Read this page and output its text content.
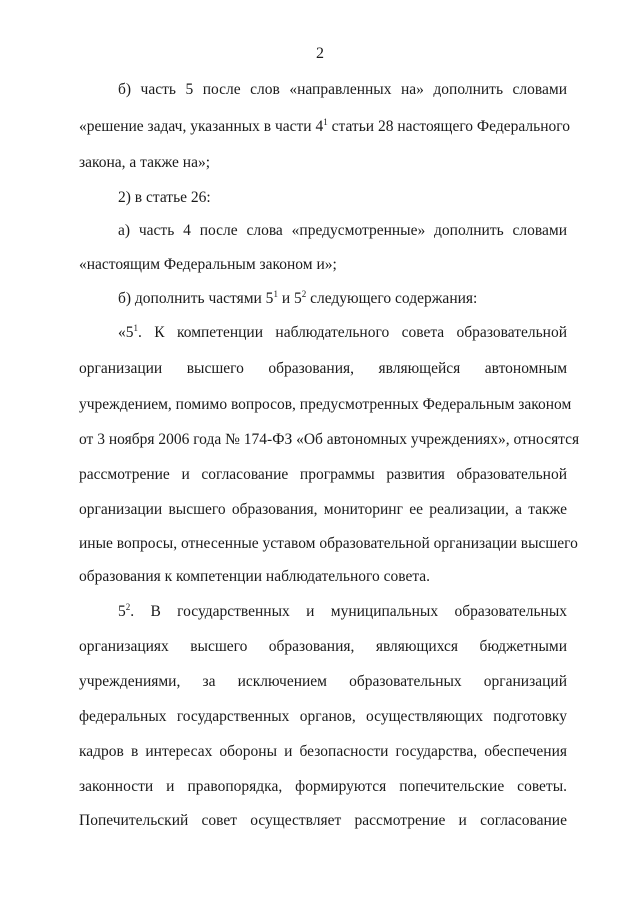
2
б) часть 5 после слов «направленных на» дополнить словами
«решение задач, указанных в части $4^1$ статьи 28 настоящего Федерального
закона, а также на»;
2) в статье 26:
а) часть 4 после слова «предусмотренные» дополнить словами
«настоящим Федеральным законом и»;
б) дополнить частями $5^1$ и $5^2$ следующего содержания:
«$5^1$. К компетенции наблюдательного совета образовательной
организации высшего образования, являющейся автономным
учреждением, помимо вопросов, предусмотренных Федеральным законом
от 3 ноября 2006 года № 174-ФЗ «Об автономных учреждениях», относятся
рассмотрение и согласование программы развития образовательной
организации высшего образования, мониторинг ее реализации, а также
иные вопросы, отнесенные уставом образовательной организации высшего
образования к компетенции наблюдательного совета.
$5^2$. В государственных и муниципальных образовательных
организациях высшего образования, являющихся бюджетными
учреждениями, за исключением образовательных организаций
федеральных государственных органов, осуществляющих подготовку
кадров в интересах обороны и безопасности государства, обеспечения
законности и правопорядка, формируются попечительские советы.
Попечительский совет осуществляет рассмотрение и согласование
